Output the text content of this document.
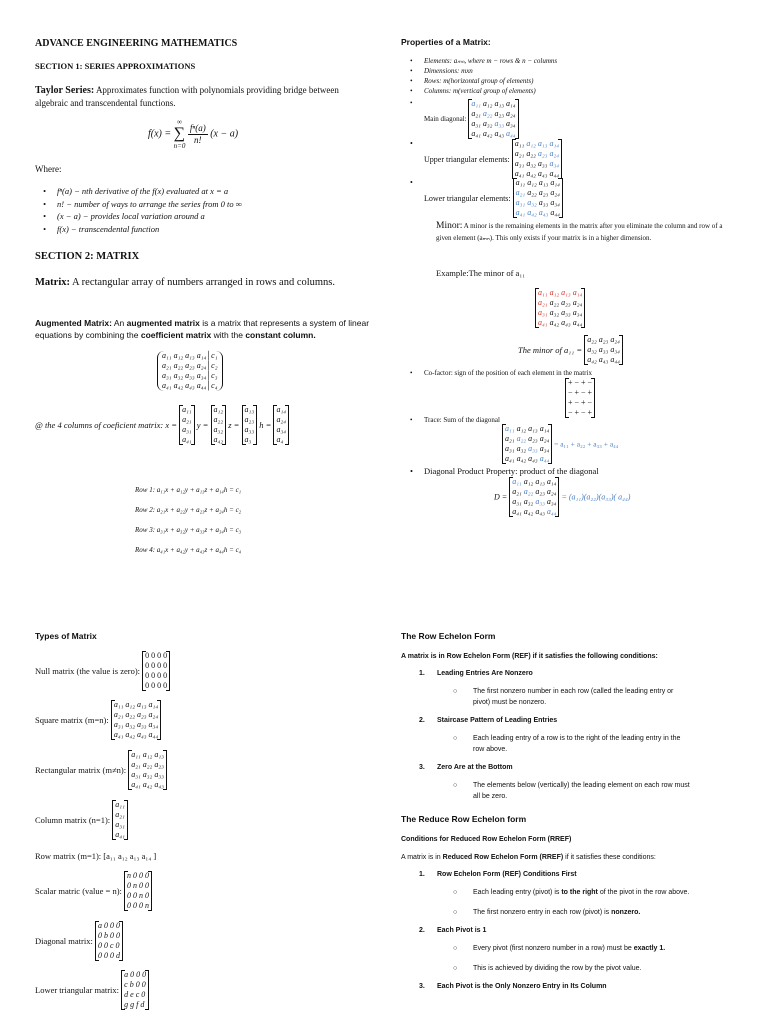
ADVANCE ENGINEERING MATHEMATICS
SECTION 1: SERIES APPROXIMATIONS
Taylor Series: Approximates function with polynomials providing bridge between algebraic and transcendental functions.
f(x) = ∞
∑
n=0
fⁿ(a)
n! (x − a)
Where:
• fⁿ(a) − nth derivative of the f(x) evaluated at x = a
• n! − number of ways to arrange the series from 0 to ∞
• (x − a) − provides local variation around a
• f(x) − transcendental function
SECTION 2: MATRIX
Matrix: A rectangular array of numbers arranged in rows and columns.
Augmented Matrix: An augmented matrix is a matrix that represents a system of linear equations by combining the coefficient matrix with the constant column.
a₁₁ a₁₂ a₁₃ a₁₄│c₁
a₂₁ a₂₂ a₂₃ a₂₄│c₂
a₃₁ a₃₂ a₃₃ a₃₄│c₃
a₄₁ a₄₂ a₄₃ a₄₄│c₄
@ the 4 columns of coeficient matrix: x = a₁₁
a₂₁
a₃₁
a₄₁ y = a₁₂
a₂₂
a₃₂
a₄₂ z = a₁₃
a₂₃
a₃₃
a₃ h = a₁₄
a₂₄
a₃₄
a₄
Row 1: a₁₁x + a₁₂y + a₁₃z + a₁₄h = c₁
Row 2: a₂₁x + a₂₂y + a₂₃z + a₂₄h = c₂
Row 3: a₃₁x + a₃₂y + a₃₃z + a₃₄h = c₃
Row 4: a₄₁x + a₄₂y + a₄₃z + a₄₄h = c₄
Properties of a Matrix:
• Elements: aₘₙ, where m − rows & n − columns
• Dimensions: mxn
• Rows: m(horizontal group of elements)
• Columns: m(vertical group of elements)
•
Main diagonal: a₁₁ a₁₂ a₁₃ a₁₄
a₂₁ a₂₂ a₂₃ a₂₄
a₃₁ a₃₂ a₃₃ a₃₄
a₄₁ a₄₂ a₄₃ a₄₄
•
Upper triangular elements: a₁₁ a₁₂ a₁₃ a₁₄
a₂₁ a₂₂ a₂₃ a₂₄
a₃₁ a₃₂ a₃₃ a₃₄
a₄₁ a₄₂ a₄₃ a₄₄
•
Lower triangular elements: a₁₁ a₁₂ a₁₃ a₁₄
a₂₁ a₂₂ a₂₃ a₂₄
a₃₁ a₃₂ a₃₃ a₃₄
a₄₁ a₄₂ a₄₃ a₄₄
Minor: A minor is the remaining elements in the matrix after you eliminate the column and row of a given element (aₘₙ). This only exists if your matrix is in a higher dimension.
Example:The minor of a₁₁
a₁₁ a₁₂ a₁₃ a₁₄
a₂₁ a₂₂ a₂₃ a₂₄
a₃₁ a₃₂ a₃₃ a₃₄
a₄₁ a₄₂ a₄₃ a₄₄
The minor of a₁₁ = a₂₂ a₂₃ a₂₄
a₃₂ a₃₃ a₃₄
a₄₂ a₄₃ a₄₄
• Co-factor: sign of the position of each element in the matrix
+ − + −
− + − +
+ − + −
− + − +
• Trace: Sum of the diagonal
a₁₁ a₁₂ a₁₃ a₁₄
a₂₁ a₂₂ a₂₃ a₂₄
a₃₁ a₃₂ a₃₃ a₃₄
a₄₁ a₄₂ a₄₃ a₄₄ = a₁₁ + a₂₂ + a₃₃ + a₄₄
• Diagonal Product Property: product of the diagonal
D = a₁₁ a₁₂ a₁₃ a₁₄
a₂₁ a₂₂ a₂₃ a₂₄
a₃₁ a₃₂ a₃₃ a₃₄
a₄₁ a₄₂ a₄₃ a₄₄ = (a₁₁)(a₂₂)(a₃₃)( a₄₄)
Types of Matrix
Null matrix (the value is zero): 0 0 0 0
0 0 0 0
0 0 0 0
0 0 0 0
Square matrix (m=n): a₁₁ a₁₂ a₁₃ a₁₄
a₂₁ a₂₂ a₂₃ a₂₄
a₃₁ a₃₂ a₃₃ a₃₄
a₄₁ a₄₂ a₄₃ a₄₄
Rectangular matrix (m≠n): a₁₁ a₁₂ a₁₃
a₂₁ a₂₂ a₂₃
a₃₁ a₃₂ a₃₃
a₄₁ a₄₂ a₄₃
Column matrix (n=1): a₁₁
a₂₁
a₃₁
a₄₁
Row matrix (m=1): [a₁₁ a₁₂ a₁₃ a₁₄ ]
Scalar matric (value = n): n 0 0 0
0 n 0 0
0 0 n 0
0 0 0 n
Diagonal matrix: a 0 0 0
0 b 0 0
0 0 c 0
0 0 0 d
Lower triangular matrix: a 0 0 0
c b 0 0
d e c 0
g g f d
The Row Echelon Form
A matrix is in Row Echelon Form (REF) if it satisfies the following conditions:
1. Leading Entries Are Nonzero
○ The first nonzero number in each row (called the leading entry or pivot) must be nonzero.
2. Staircase Pattern of Leading Entries
○ Each leading entry of a row is to the right of the leading entry in the row above.
3. Zero Are at the Bottom
○ The elements below (vertically) the leading element on each row must all be zero.
The Reduce Row Echelon form
Conditions for Reduced Row Echelon Form (RREF)
A matrix is in Reduced Row Echelon Form (RREF) if it satisfies these conditions:
1. Row Echelon Form (REF) Conditions First
○ Each leading entry (pivot) is to the right of the pivot in the row above.
○ The first nonzero entry in each row (pivot) is nonzero.
2. Each Pivot is 1
○ Every pivot (first nonzero number in a row) must be exactly 1.
○ This is achieved by dividing the row by the pivot value.
3. Each Pivot is the Only Nonzero Entry in Its Column
